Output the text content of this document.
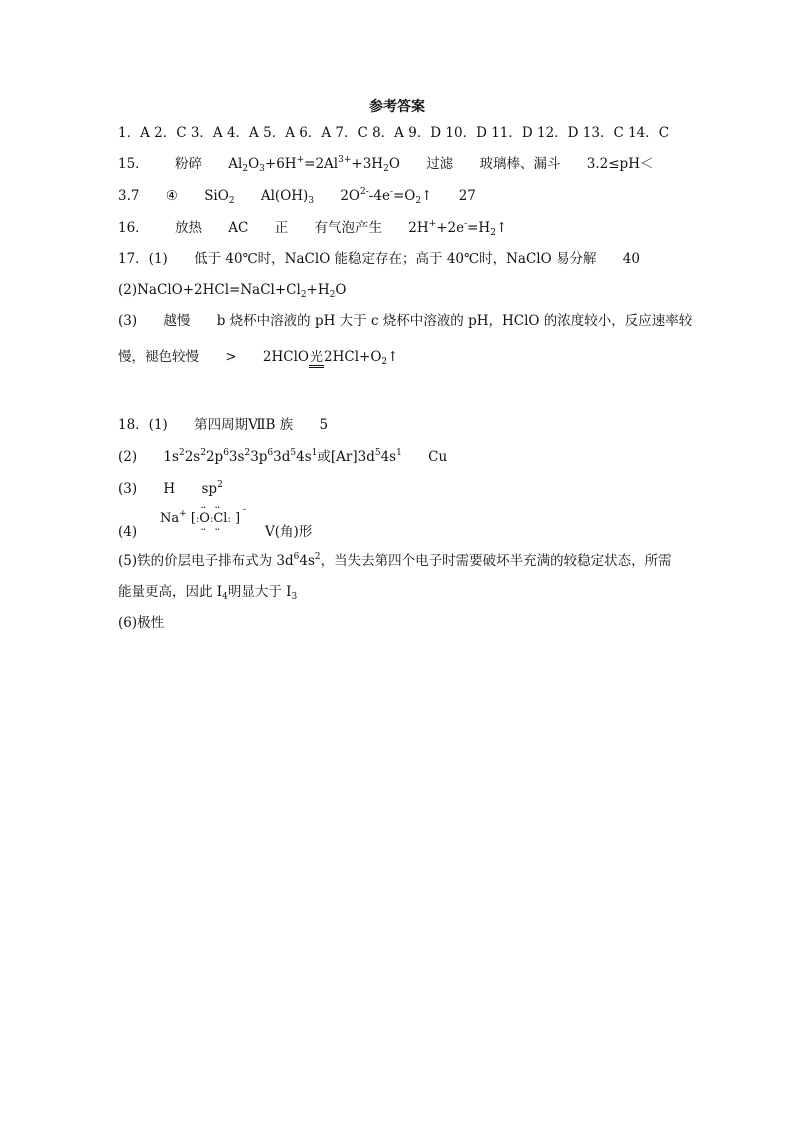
参考答案
1．A 2．C 3．A 4．A 5．A 6．A 7．C 8．A 9．D 10．D 11．D 12．D 13．C 14．C
15． 粉碎 $Al_2O_3+6H^+=2Al^{3+}+3H_2O$ 过滤 玻璃棒、漏斗 3.2≤pH＜
3.7 ④ SiO$_2$ $Al(OH)_3$ $2O^{2-}-4e^-=O_2↑$ 27
16． 放热 AC 正 有气泡产生 $2H^++2e^-=H_2↑$
17．(1) 低于 40℃时，NaClO 能稳定存在；高于 40℃时，NaClO 易分解 40
$(2)NaClO+2HCl=NaCl+Cl_2+H_2O$
(3) 越慢 b 烧杯中溶液的 pH 大于 c 烧杯中溶液的 pH，HClO 的浓度较小，反应速率较
慢，褪色较慢 > 2HClO光$2HCl+O_2↑$
18．(1) 第四周期ⅦB 族 5
(2) $1s^22s^22p^63s^23p^63d^54s^1$或$[Ar]3d^54s^1$ Cu
(3) H $sp^2$
(4)
Na+ [:·· O ··:·· Cl ··: ]
-
V(角)形
(5)铁的价层电子排布式为 $3d^64s^2$，当失去第四个电子时需要破坏半充满的较稳定状态，所需
能量更高，因此 $I_4$明显大于 $I_3$
(6)极性
